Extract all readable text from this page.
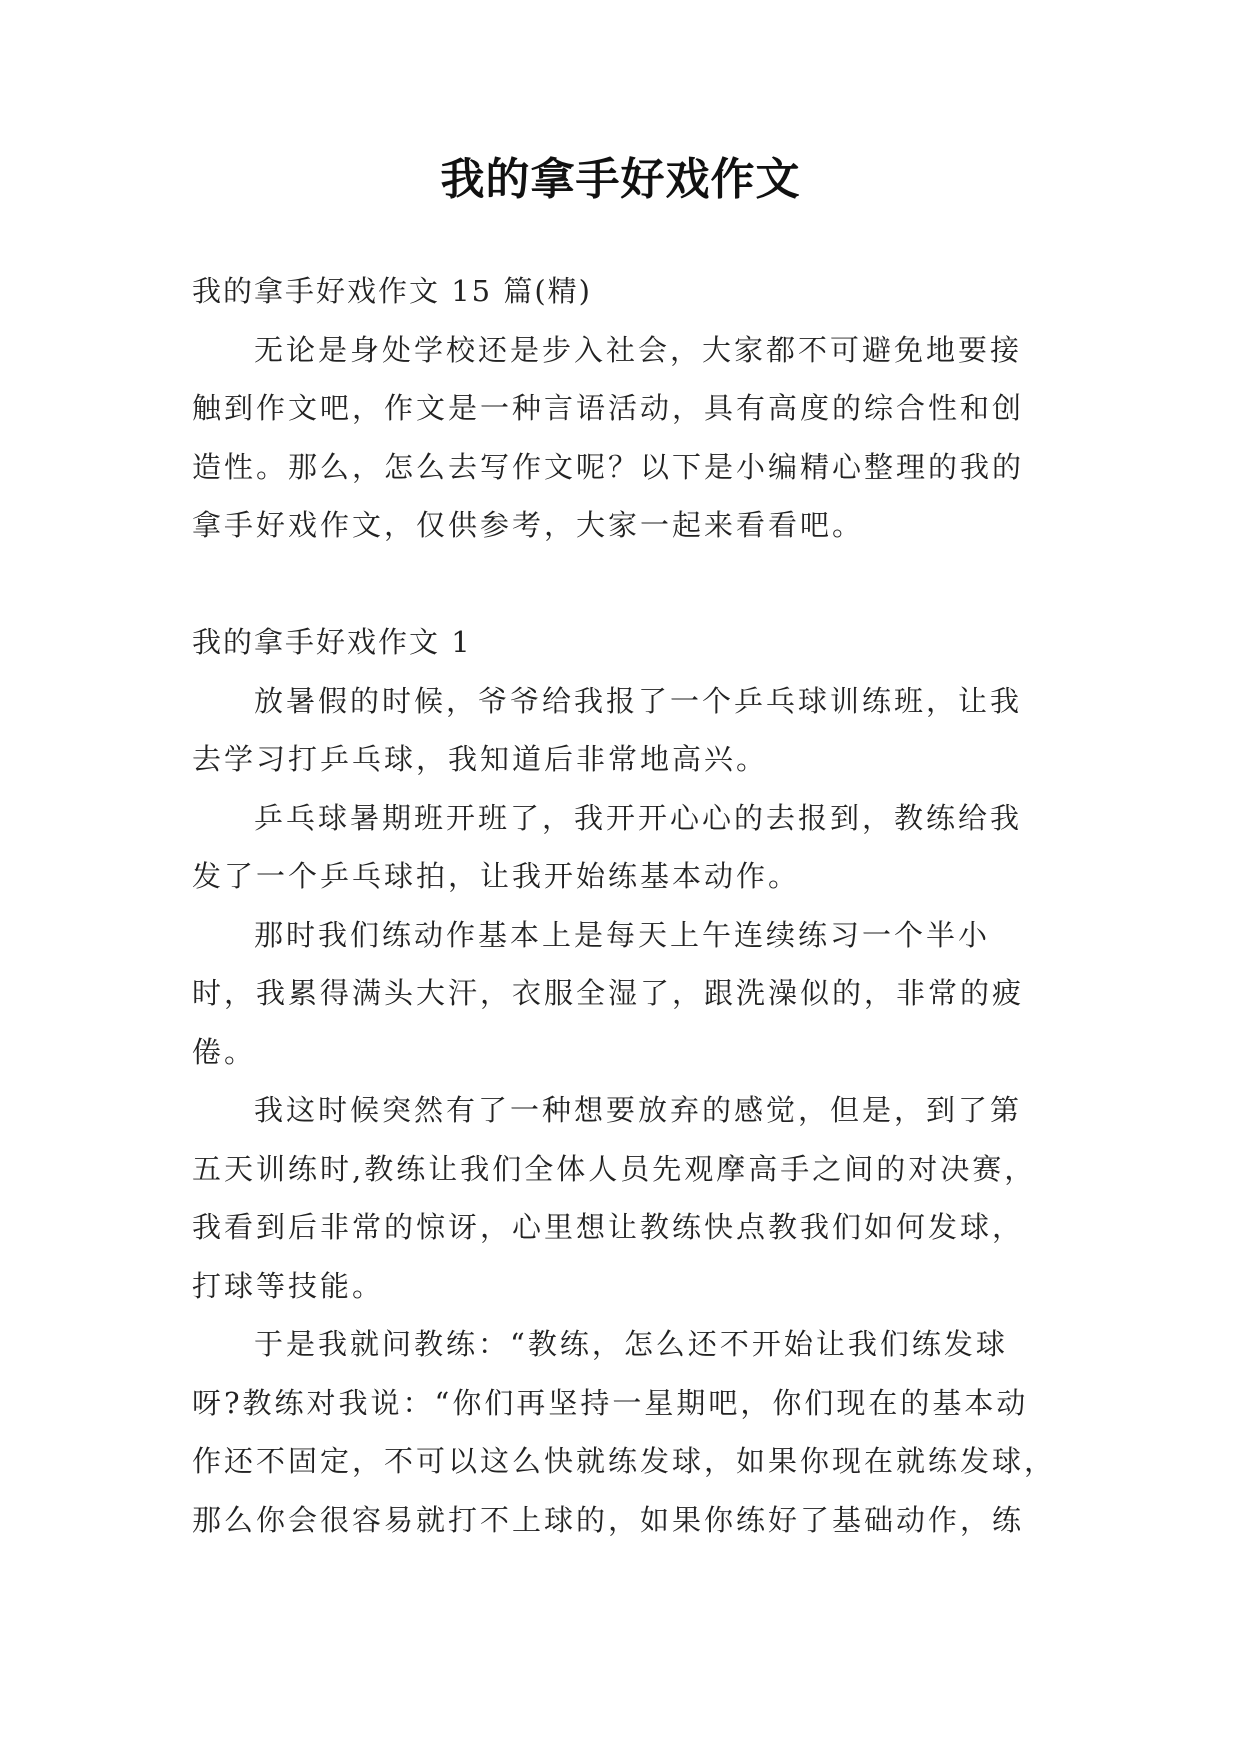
我的拿手好戏作文
我的拿手好戏作文 15 篇(精)
无论是身处学校还是步入社会，大家都不可避免地要接
触到作文吧，作文是一种言语活动，具有高度的综合性和创
造性。那么，怎么去写作文呢？以下是小编精心整理的我的
拿手好戏作文，仅供参考，大家一起来看看吧。
我的拿手好戏作文 1
放暑假的时候，爷爷给我报了一个乒乓球训练班，让我
去学习打乒乓球，我知道后非常地高兴。
乒乓球暑期班开班了，我开开心心的去报到，教练给我
发了一个乒乓球拍，让我开始练基本动作。
那时我们练动作基本上是每天上午连续练习一个半小
时，我累得满头大汗，衣服全湿了，跟洗澡似的，非常的疲
倦。
我这时候突然有了一种想要放弃的感觉，但是，到了第
五天训练时,教练让我们全体人员先观摩高手之间的对决赛，
我看到后非常的惊讶，心里想让教练快点教我们如何发球，
打球等技能。
于是我就问教练：“教练，怎么还不开始让我们练发球
呀?教练对我说：“你们再坚持一星期吧，你们现在的基本动
作还不固定，不可以这么快就练发球，如果你现在就练发球，
那么你会很容易就打不上球的，如果你练好了基础动作，练
